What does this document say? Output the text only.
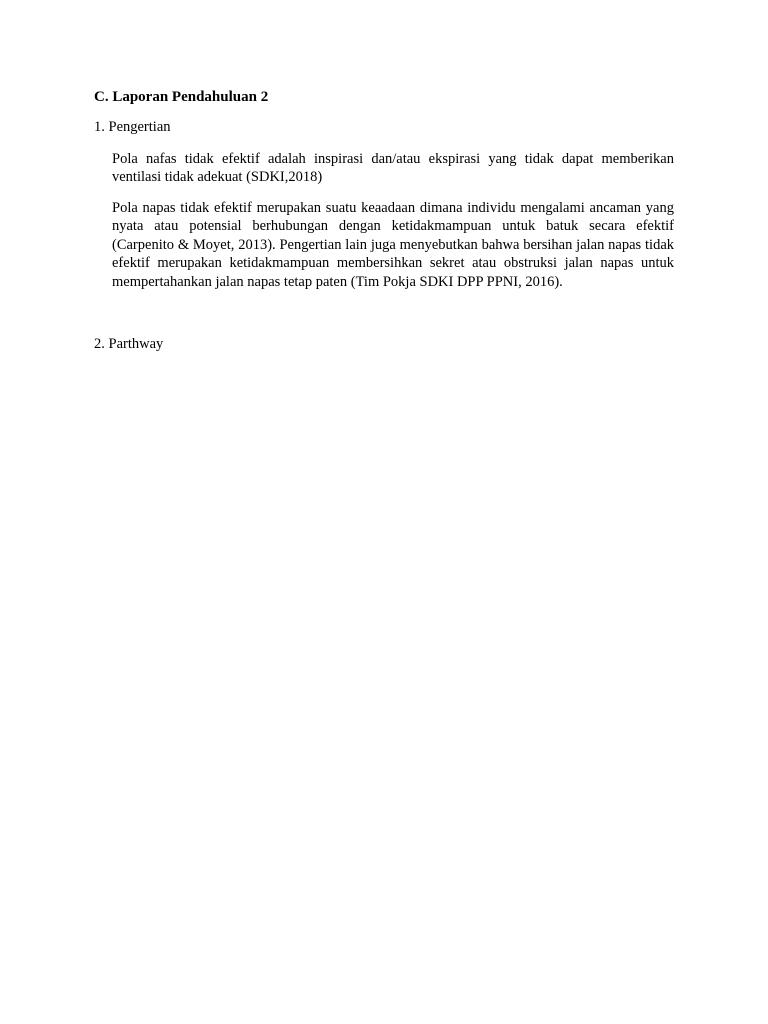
C. Laporan Pendahuluan 2
1. Pengertian
Pola nafas tidak efektif adalah inspirasi dan/atau ekspirasi yang tidak dapat memberikan ventilasi tidak adekuat (SDKI,2018)
Pola napas tidak efektif merupakan suatu keaadaan dimana individu mengalami ancaman yang nyata atau potensial berhubungan dengan ketidakmampuan untuk batuk secara efektif (Carpenito & Moyet, 2013). Pengertian lain juga menyebutkan bahwa bersihan jalan napas tidak efektif merupakan ketidakmampuan membersihkan sekret atau obstruksi jalan napas untuk mempertahankan jalan napas tetap paten (Tim Pokja SDKI DPP PPNI, 2016).
2. Parthway
